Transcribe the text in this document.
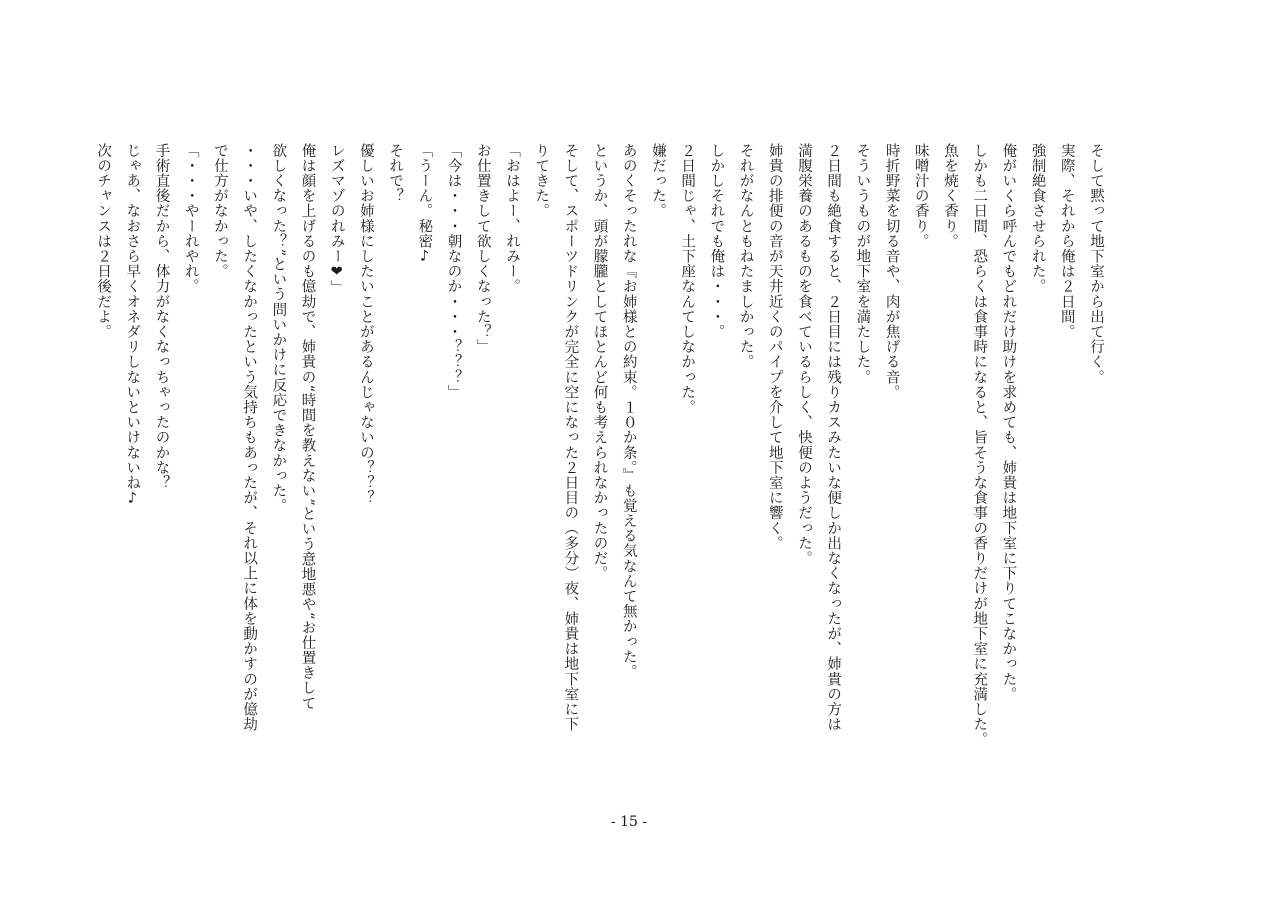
そして黙って地下室から出て行く。
実際、それから俺は２日間。
強制絶食させられた。
俺がいくら呼んでもどれだけ助けを求めても、姉貴は地下室に下りてこなかった。
しかも二日間、恐らくは食事時になると、旨そうな食事の香りだけが地下室に充満した。
魚を焼く香り。
味噌汁の香り。
時折野菜を切る音や、肉が焦げる音。
そういうものが地下室を満たした。
２日間も絶食すると、２日目には残りカスみたいな便しか出なくなったが、姉貴の方は
満腹栄養のあるものを食べているらしく、快便のようだった。
姉貴の排便の音が天井近くのパイプを介して地下室に響く。
それがなんともねたましかった。
しかしそれでも俺は・・・。
２日間じゃ、土下座なんてしなかった。
嫌だった。
あのくそったれな『お姉様との約束。１０か条。』も覚える気なんて無かった。
というか、頭が朦朧としてほとんど何も考えられなかったのだ。
そして、スポーツドリンクが完全に空になった２日目の（多分）夜、姉貴は地下室に下
りてきた。
「おはよー、れみー。
お仕置きして欲しくなった？」
「今は・・・朝なのか・・・？？？」
「うーん。秘密♪
それで？
優しいお姉様にしたいことがあるんじゃないの？？？
レズマゾのれみー❤」
俺は顔を上げるのも億劫で、姉貴の“時間を教えない”という意地悪や“お仕置きして
欲しくなった？”という問いかけに反応できなかった。
・・・いや、したくなかったという気持ちもあったが、それ以上に体を動かすのが億劫
で仕方がなかった。
「・・・やーれやれ。
手術直後だから、体力がなくなっちゃったのかな？
じゃあ、なおさら早くオネダリしないといけないね♪
次のチャンスは２日後だよ。
- 15 -
